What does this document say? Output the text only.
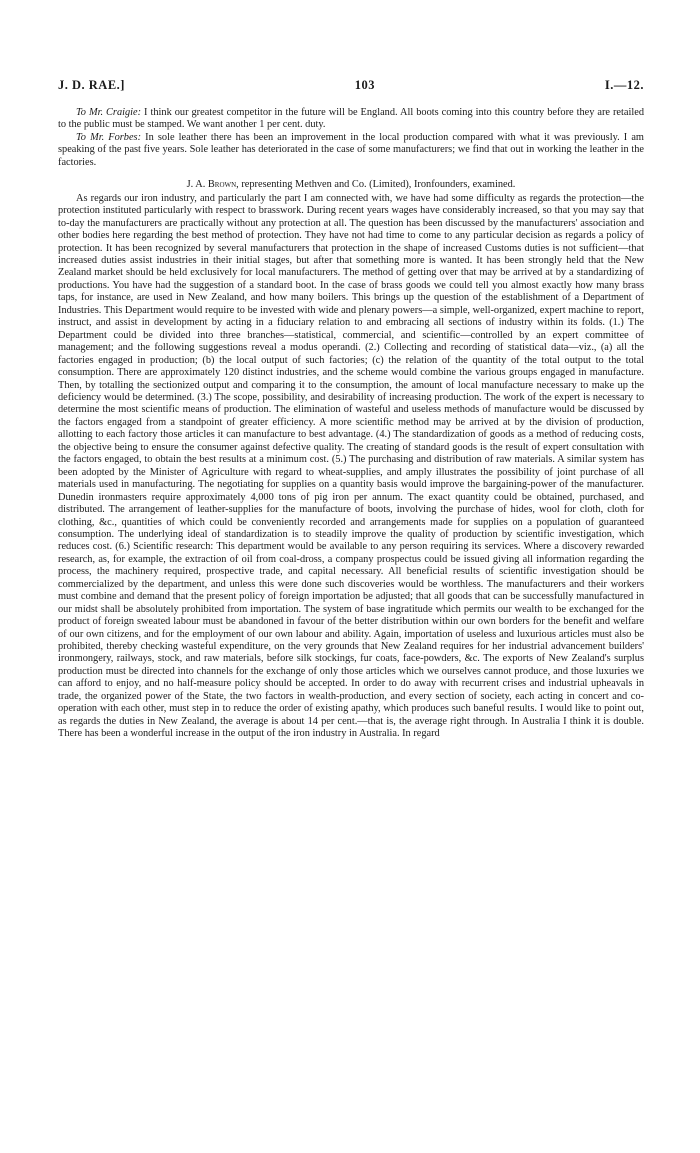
J. D. RAE.]	103	I.—12.

To Mr. Craigie: I think our greatest competitor in the future will be England. All boots coming into this country before they are retailed to the public must be stamped. We want another 1 per cent. duty.

To Mr. Forbes: In sole leather there has been an improvement in the local production compared with what it was previously. I am speaking of the past five years. Sole leather has deteriorated in the case of some manufacturers; we find that out in working the leather in the factories.

J. A. Brown, representing Methven and Co. (Limited), Ironfounders, examined.

As regards our iron industry, and particularly the part I am connected with, we have had some difficulty as regards the protection—the protection instituted particularly with respect to brasswork. During recent years wages have considerably increased, so that you may say that to-day the manufacturers are practically without any protection at all. The question has been discussed by the manufacturers' association and other bodies here regarding the best method of protection. They have not had time to come to any particular decision as regards a policy of protection. It has been recognized by several manufacturers that protection in the shape of increased Customs duties is not sufficient—that increased duties assist industries in their initial stages, but after that something more is wanted. It has been strongly held that the New Zealand market should be held exclusively for local manufacturers. The method of getting over that may be arrived at by a standardizing of productions. You have had the suggestion of a standard boot. In the case of brass goods we could tell you almost exactly how many brass taps, for instance, are used in New Zealand, and how many boilers. This brings up the question of the establishment of a Department of Industries. This Department would require to be invested with wide and plenary powers—a simple, well-organized, expert machine to report, instruct, and assist in development by acting in a fiduciary relation to and embracing all sections of industry within its folds. (1.) The Department could be divided into three branches—statistical, commercial, and scientific—controlled by an expert committee of management; and the following suggestions reveal a modus operandi. (2.) Collecting and recording of statistical data—viz., (a) all the factories engaged in production; (b) the local output of such factories; (c) the relation of the quantity of the total output to the total consumption. There are approximately 120 distinct industries, and the scheme would combine the various groups engaged in manufacture. Then, by totalling the sectionized output and comparing it to the consumption, the amount of local manufacture necessary to make up the deficiency would be determined. (3.) The scope, possibility, and desirability of increasing production. The work of the expert is necessary to determine the most scientific means of production. The elimination of wasteful and useless methods of manufacture would be discussed by the factors engaged from a standpoint of greater efficiency. A more scientific method may be arrived at by the division of production, allotting to each factory those articles it can manufacture to best advantage. (4.) The standardization of goods as a method of reducing costs, the objective being to ensure the consumer against defective quality. The creating of standard goods is the result of expert consultation with the factors engaged, to obtain the best results at a minimum cost. (5.) The purchasing and distribution of raw materials. A similar system has been adopted by the Minister of Agriculture with regard to wheat-supplies, and amply illustrates the possibility of joint purchase of all materials used in manufacturing. The negotiating for supplies on a quantity basis would improve the bargaining-power of the manufacturer. Dunedin ironmasters require approximately 4,000 tons of pig iron per annum. The exact quantity could be obtained, purchased, and distributed. The arrangement of leather-supplies for the manufacture of boots, involving the purchase of hides, wool for cloth, cloth for clothing, &c., quantities of which could be conveniently recorded and arrangements made for supplies on a population of guaranteed consumption. The underlying ideal of standardization is to steadily improve the quality of production by scientific investigation, which reduces cost. (6.) Scientific research: This department would be available to any person requiring its services. Where a discovery rewarded research, as, for example, the extraction of oil from coal-dross, a company prospectus could be issued giving all information regarding the process, the machinery required, prospective trade, and capital necessary. All beneficial results of scientific investigation should be commercialized by the department, and unless this were done such discoveries would be worthless. The manufacturers and their workers must combine and demand that the present policy of foreign importation be adjusted; that all goods that can be successfully manufactured in our midst shall be absolutely prohibited from importation. The system of base ingratitude which permits our wealth to be exchanged for the product of foreign sweated labour must be abandoned in favour of the better distribution within our own borders for the benefit and welfare of our own citizens, and for the employment of our own labour and ability. Again, importation of useless and luxurious articles must also be prohibited, thereby checking wasteful expenditure, on the very grounds that New Zealand requires for her industrial advancement builders' ironmongery, railways, stock, and raw materials, before silk stockings, fur coats, face-powders, &c. The exports of New Zealand's surplus production must be directed into channels for the exchange of only those articles which we ourselves cannot produce, and those luxuries we can afford to enjoy, and no half-measure policy should be accepted. In order to do away with recurrent crises and industrial upheavals in trade, the organized power of the State, the two factors in wealth-production, and every section of society, each acting in concert and co-operation with each other, must step in to reduce the order of existing apathy, which produces such baneful results. I would like to point out, as regards the duties in New Zealand, the average is about 14 per cent.—that is, the average right through. In Australia I think it is double. There has been a wonderful increase in the output of the iron industry in Australia. In regard
